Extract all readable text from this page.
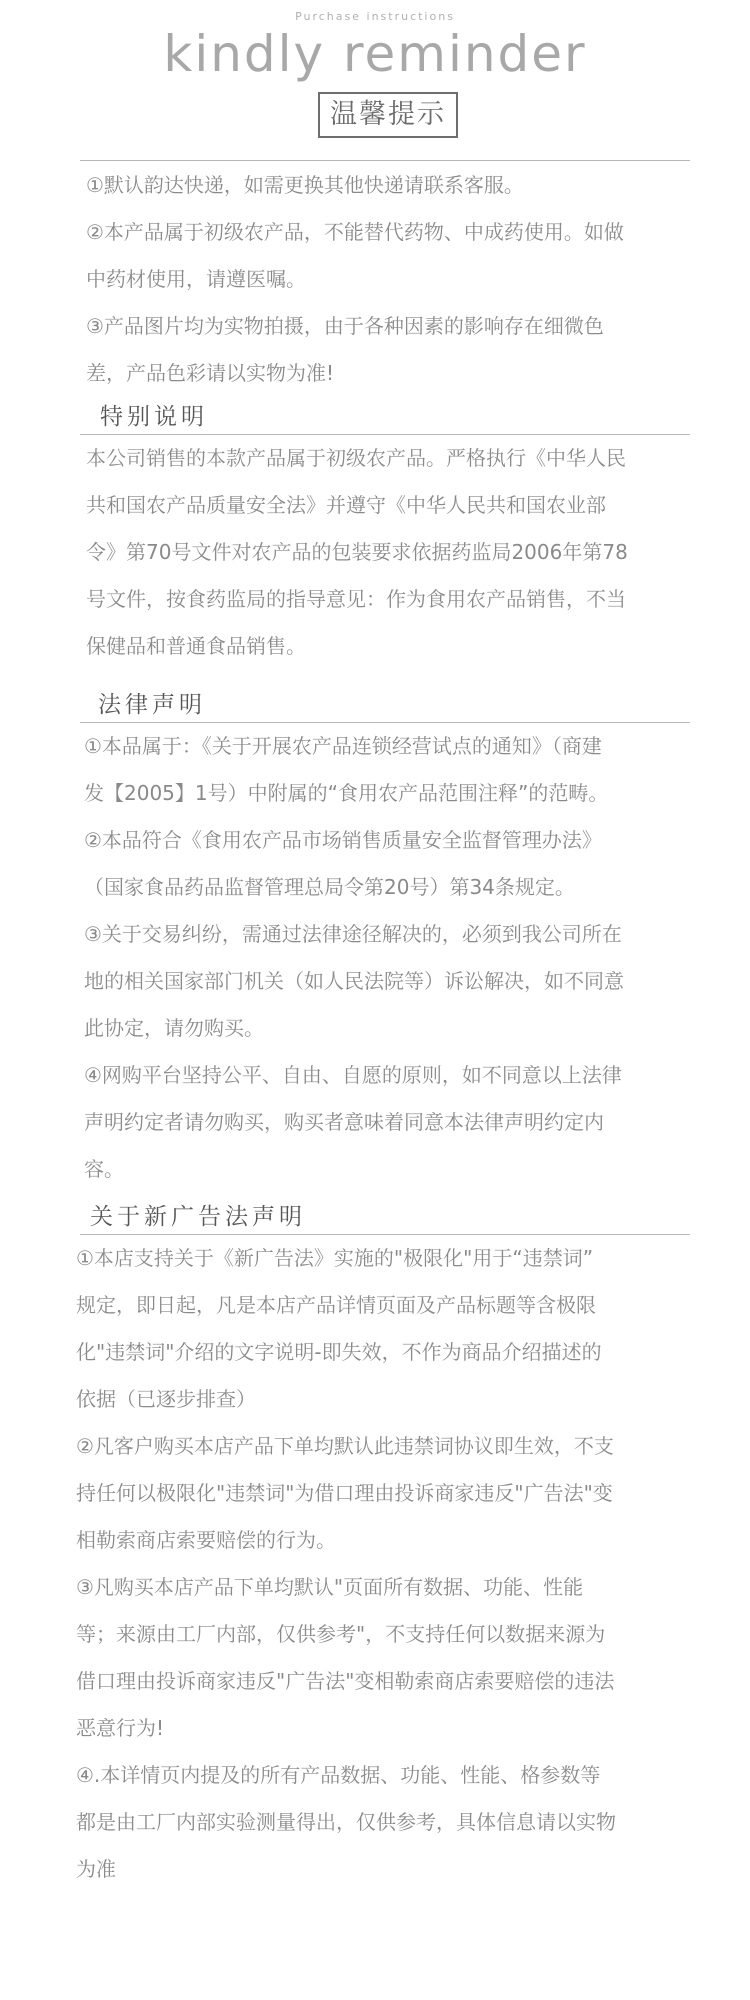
Purchase instructions
kindly reminder
温馨提示
①默认韵达快递，如需更换其他快递请联系客服。
②本产品属于初级农产品，不能替代药物、中成药使用。如做
中药材使用，请遵医嘱。
③产品图片均为实物拍摄，由于各种因素的影响存在细微色
差，产品色彩请以实物为准!
特别说明
本公司销售的本款产品属于初级农产品。严格执行《中华人民
共和国农产品质量安全法》并遵守《中华人民共和国农业部
令》第70号文件对农产品的包装要求依据药监局2006年第78
号文件，按食药监局的指导意见：作为食用农产品销售，不当
保健品和普通食品销售。
法律声明
①本品属于：《关于开展农产品连锁经营试点的通知》（商建
发【2005】1号）中附属的“食用农产品范围注释”的范畴。
②本品符合《食用农产品市场销售质量安全监督管理办法》
（国家食品药品监督管理总局令第20号）第34条规定。
③关于交易纠纷，需通过法律途径解决的，必须到我公司所在
地的相关国家部门机关（如人民法院等）诉讼解决，如不同意
此协定，请勿购买。
④网购平台坚持公平、自由、自愿的原则，如不同意以上法律
声明约定者请勿购买，购买者意味着同意本法律声明约定内
容。
关于新广告法声明
①本店支持关于《新广告法》实施的"极限化"用于“违禁词”
规定，即日起，凡是本店产品详情页面及产品标题等含极限
化"违禁词"介绍的文字说明-即失效，不作为商品介绍描述的
依据（已逐步排查）
②凡客户购买本店产品下单均默认此违禁词协议即生效，不支
持任何以极限化"违禁词"为借口理由投诉商家违反"广告法"变
相勒索商店索要赔偿的行为。
③凡购买本店产品下单均默认"页面所有数据、功能、性能
等；来源由工厂内部，仅供参考"，不支持任何以数据来源为
借口理由投诉商家违反"广告法"变相勒索商店索要赔偿的违法
恶意行为!
④.本详情页内提及的所有产品数据、功能、性能、格参数等
都是由工厂内部实验测量得出，仅供参考，具体信息请以实物
为准
